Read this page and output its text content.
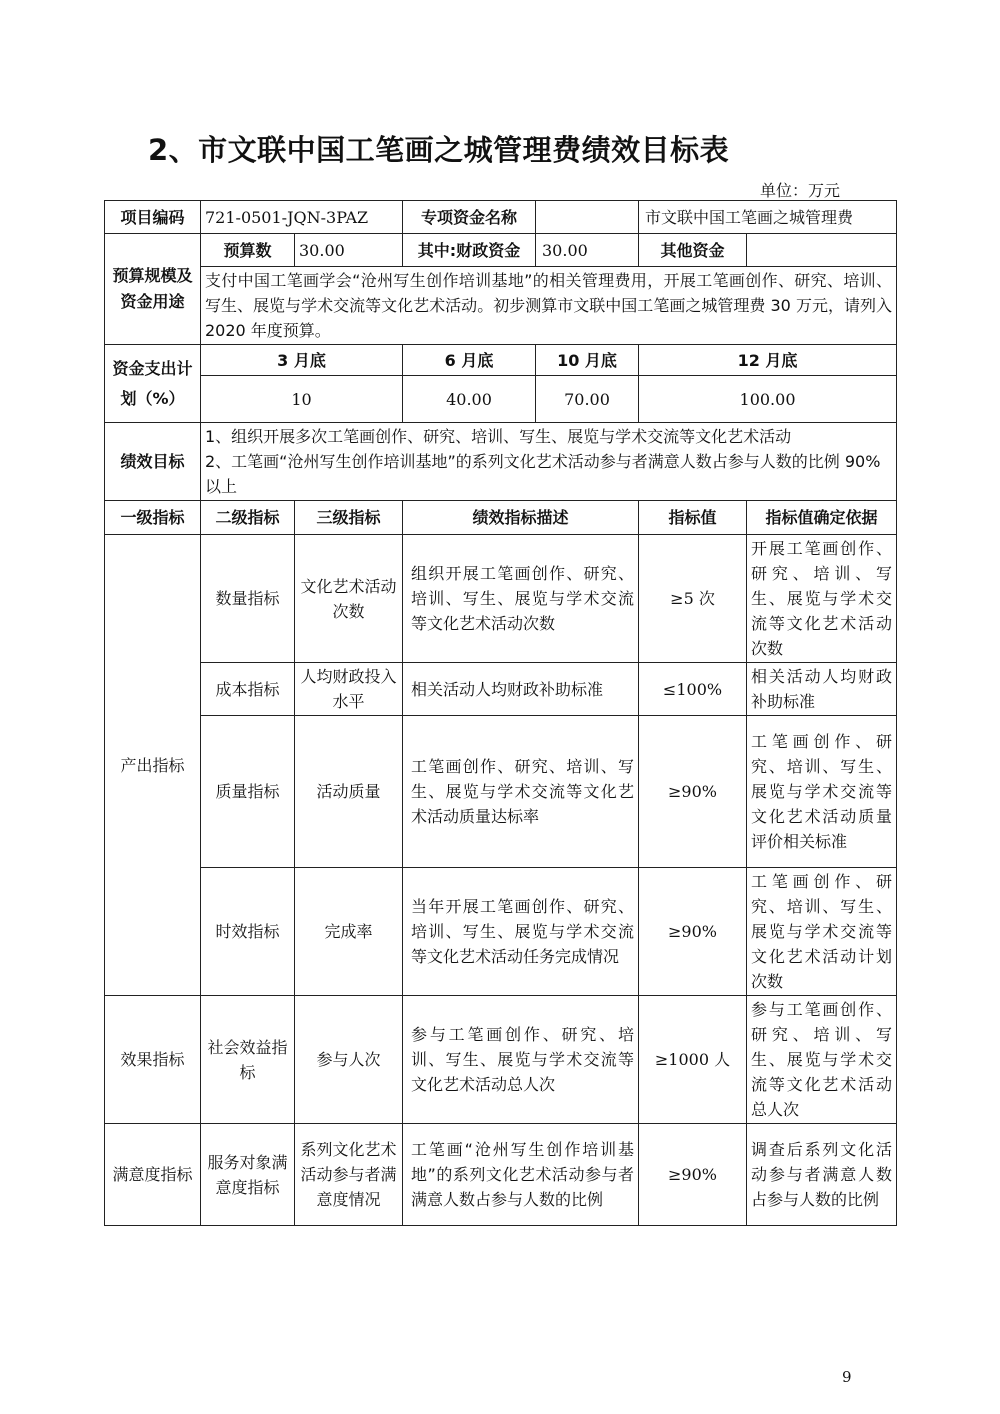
2、市文联中国工笔画之城管理费绩效目标表
单位：万元
项目编码	721-0501-JQN-3PAZ		专项资金名称	市文联中国工笔画之城管理费	
预算规模及资金用途	预算数	30.00	其中:财政资金 30.00	其他资金	
	支付中国工笔画学会“沧州写生创作培训基地”的相关管理费用，开展工笔画创作、研究、培训、写生、展览与学术交流等文化艺术活动。初步测算市文联中国工笔画之城管理费 30 万元，请列入 2020 年度预算。				
资金支出计划（%）	3 月底		6 月底 10 月底	12 月底	
	10		40.00 70.00	100.00	
绩效目标	1、组织开展多次工笔画创作、研究、培训、写生、展览与学术交流等文化艺术活动
2、工笔画“沧州写生创作培训基地”的系列文化艺术活动参与者满意人数占参与人数的比例 90%以上				

一级指标	二级指标	三级指标	绩效指标描述	指标值	指标值确定依据
产出指标	数量指标	文化艺术活动次数	组织开展工笔画创作、研究、培训、写生、展览与学术交流等文化艺术活动次数	≥5 次	开展工笔画创作、研究、培训、写生、展览与学术交流等文化艺术活动次数
	成本指标	人均财政投入水平	相关活动人均财政补助标准	≤100%	相关活动人均财政补助标准
	质量指标	活动质量	工笔画创作、研究、培训、写生、展览与学术交流等文化艺术活动质量达标率	≥90%	工笔画创作、研究、培训、写生、展览与学术交流等文化艺术活动质量评价相关标准
	时效指标	完成率	当年开展工笔画创作、研究、培训、写生、展览与学术交流等文化艺术活动任务完成情况	≥90%	工笔画创作、研究、培训、写生、展览与学术交流等文化艺术活动计划次数
效果指标	社会效益指标	参与人次	参与工笔画创作、研究、培训、写生、展览与学术交流等文化艺术活动总人次	≥1000 人	参与工笔画创作、研究、培训、写生、展览与学术交流等文化艺术活动总人次
满意度指标	服务对象满意度指标	系列文化艺术活动参与者满意度情况	工笔画“沧州写生创作培训基地”的系列文化艺术活动参与者满意人数占参与人数的比例	≥90%	调查后系列文化活动参与者满意人数占参与人数的比例
9
